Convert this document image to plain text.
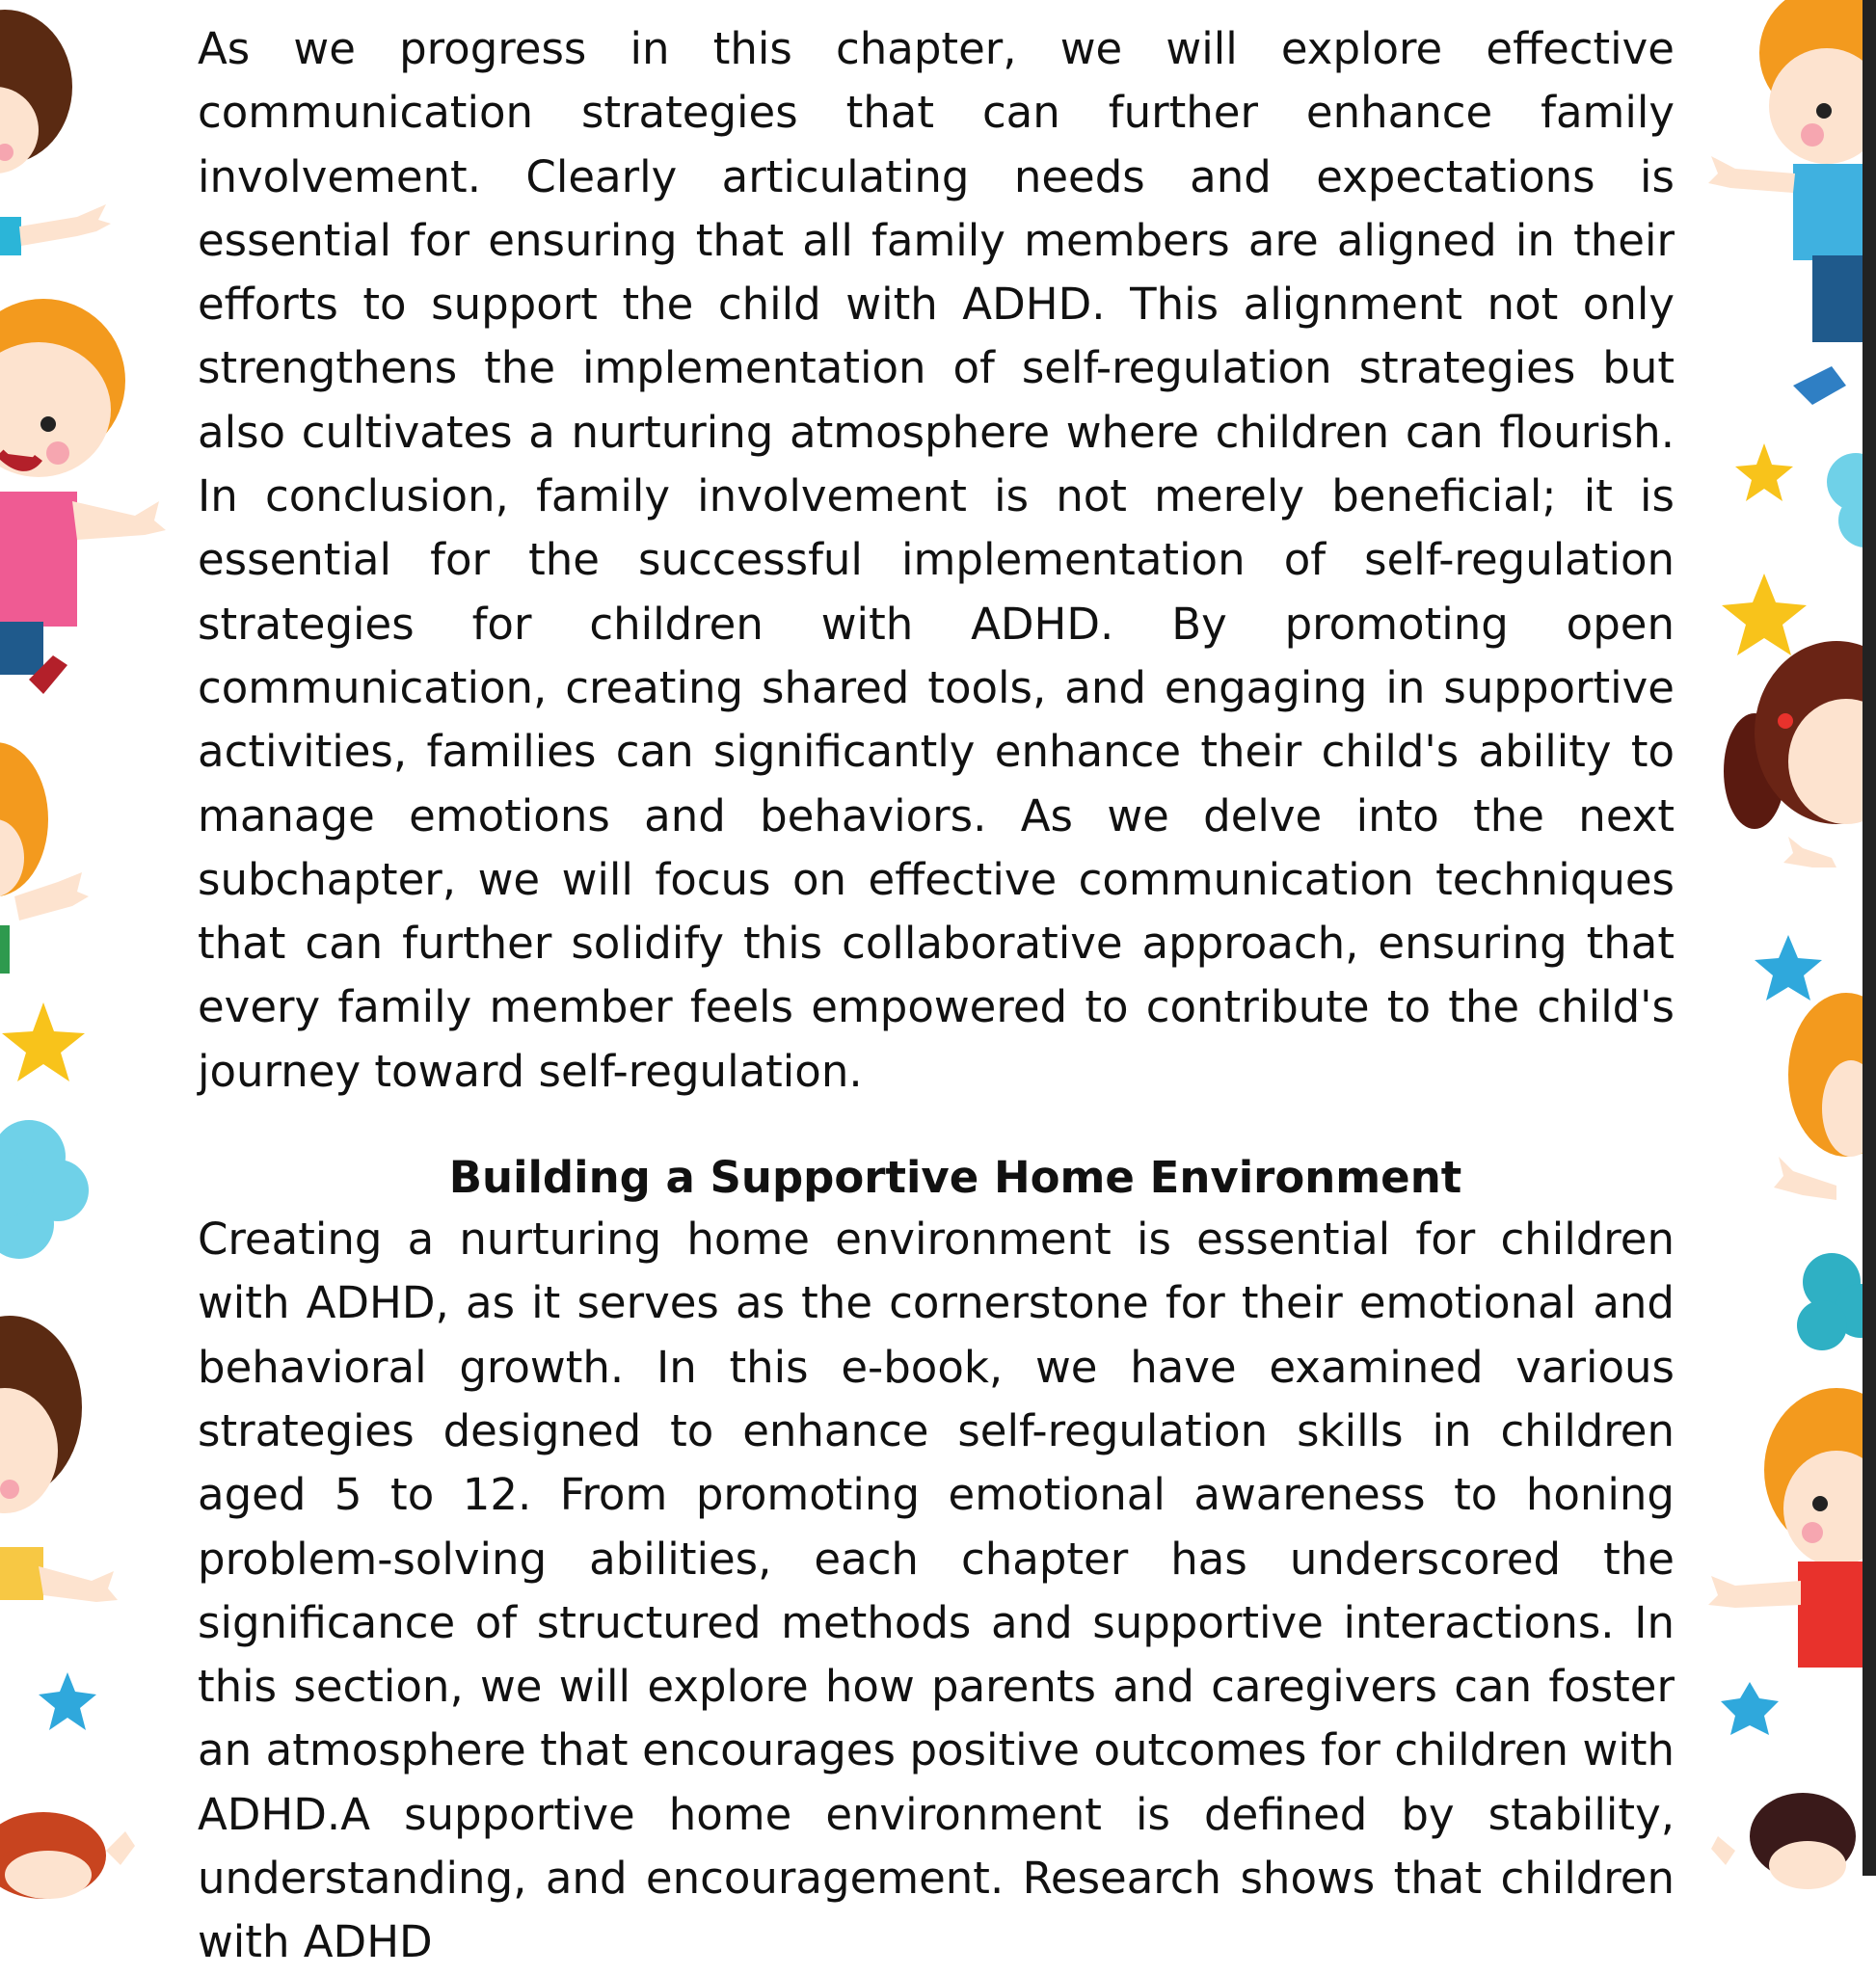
As we progress in this chapter, we will explore effective communication strategies that can further enhance family involvement. Clearly articulating needs and expectations is essential for ensuring that all family members are aligned in their efforts to support the child with ADHD. This alignment not only strengthens the implementation of self-regulation strategies but also cultivates a nurturing atmosphere where children can flourish. In conclusion, family involvement is not merely beneficial; it is essential for the successful implementation of self-regulation strategies for children with ADHD. By promoting open communication, creating shared tools, and engaging in supportive activities, families can significantly enhance their child's ability to manage emotions and behaviors. As we delve into the next subchapter, we will focus on effective communication techniques that can further solidify this collaborative approach, ensuring that every family member feels empowered to contribute to the child's journey toward self-regulation.

Building a Supportive Home Environment

Creating a nurturing home environment is essential for children with ADHD, as it serves as the cornerstone for their emotional and behavioral growth. In this e-book, we have examined various strategies designed to enhance self-regulation skills in children aged 5 to 12. From promoting emotional awareness to honing problem-solving abilities, each chapter has underscored the significance of structured methods and supportive interactions. In this section, we will explore how parents and caregivers can foster an atmosphere that encourages positive outcomes for children with ADHD.A supportive home environment is defined by stability, understanding, and encouragement. Research shows that children with ADHD
